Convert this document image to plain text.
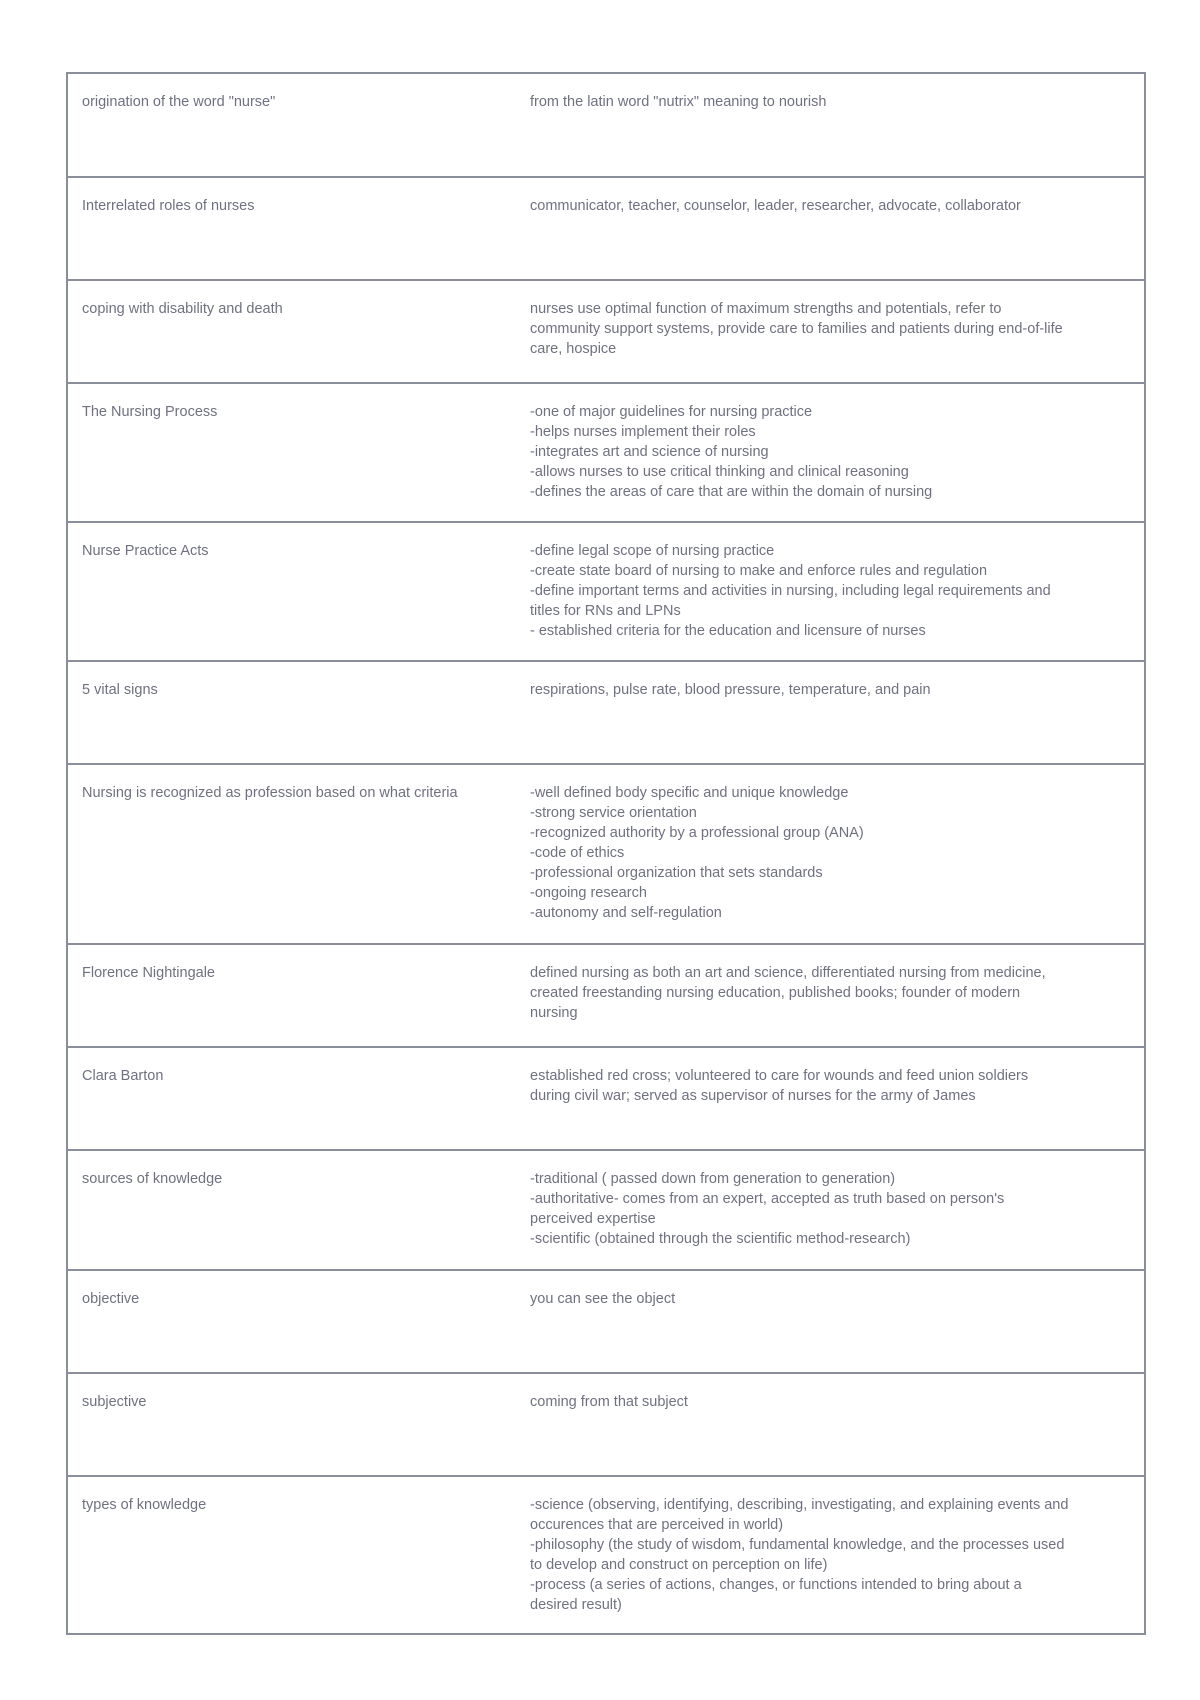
origination of the word "nurse"	from the latin word "nutrix" meaning to nourish
Interrelated roles of nurses	communicator, teacher, counselor, leader, researcher, advocate, collaborator
coping with disability and death	nurses use optimal function of maximum strengths and potentials, refer to
community support systems, provide care to families and patients during end-of-life
care, hospice
The Nursing Process	-one of major guidelines for nursing practice
-helps nurses implement their roles
-integrates art and science of nursing
-allows nurses to use critical thinking and clinical reasoning
-defines the areas of care that are within the domain of nursing
Nurse Practice Acts	-define legal scope of nursing practice
-create state board of nursing to make and enforce rules and regulation
-define important terms and activities in nursing, including legal requirements and
titles for RNs and LPNs
- established criteria for the education and licensure of nurses
5 vital signs	respirations, pulse rate, blood pressure, temperature, and pain
Nursing is recognized as profession based on what criteria	-well defined body specific and unique knowledge
-strong service orientation
-recognized authority by a professional group (ANA)
-code of ethics
-professional organization that sets standards
-ongoing research
-autonomy and self-regulation
Florence Nightingale	defined nursing as both an art and science, differentiated nursing from medicine,
created freestanding nursing education, published books; founder of modern
nursing
Clara Barton	established red cross; volunteered to care for wounds and feed union soldiers
during civil war; served as supervisor of nurses for the army of James
sources of knowledge	-traditional ( passed down from generation to generation)
-authoritative- comes from an expert, accepted as truth based on person's
perceived expertise
-scientific (obtained through the scientific method-research)
objective	you can see the object
subjective	coming from that subject
types of knowledge	-science (observing, identifying, describing, investigating, and explaining events and
occurences that are perceived in world)
-philosophy (the study of wisdom, fundamental knowledge, and the processes used
to develop and construct on perception on life)
-process (a series of actions, changes, or functions intended to bring about a
desired result)
